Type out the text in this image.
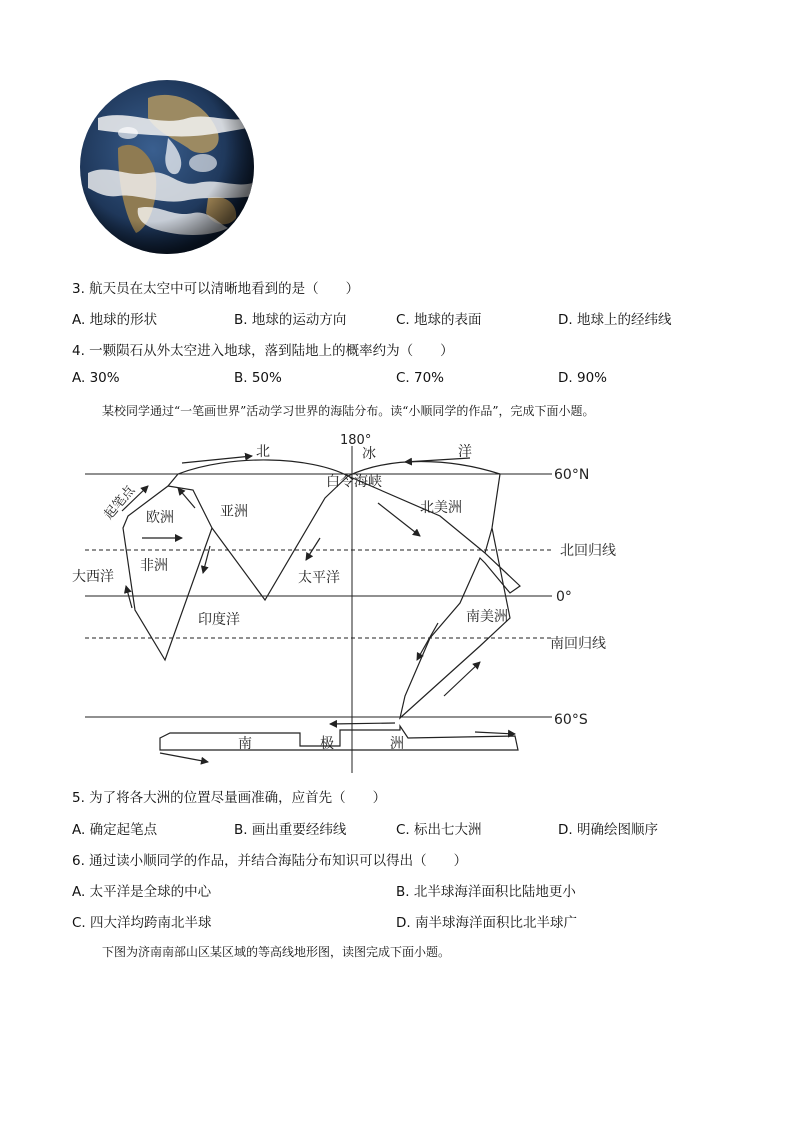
3. 航天员在太空中可以清晰地看到的是（　　）
A. 地球的形状	B. 地球的运动方向	C. 地球的表面	D. 地球上的经纬线
4. 一颗陨石从外太空进入地球，落到陆地上的概率约为（　　）
A. 30%	B. 50%	C. 70%	D. 90%
某校同学通过“一笔画世界”活动学习世界的海陆分布。读“小顺同学的作品”，完成下面小题。
180°
北	冰	洋
白令海峡	60°N
北回归线
0°
南回归线
60°S
欧洲	亚洲
非洲
北美洲
南美洲
大西洋	太平洋
印度洋
起笔点
南	极	洲
5. 为了将各大洲的位置尽量画准确，应首先（　　）
A. 确定起笔点	B. 画出重要经纬线	C. 标出七大洲	D. 明确绘图顺序
6. 通过读小顺同学的作品，并结合海陆分布知识可以得出（　　）
A. 太平洋是全球的中心	B. 北半球海洋面积比陆地更小
C. 四大洋均跨南北半球	D. 南半球海洋面积比北半球广
下图为济南南部山区某区域的等高线地形图，读图完成下面小题。
